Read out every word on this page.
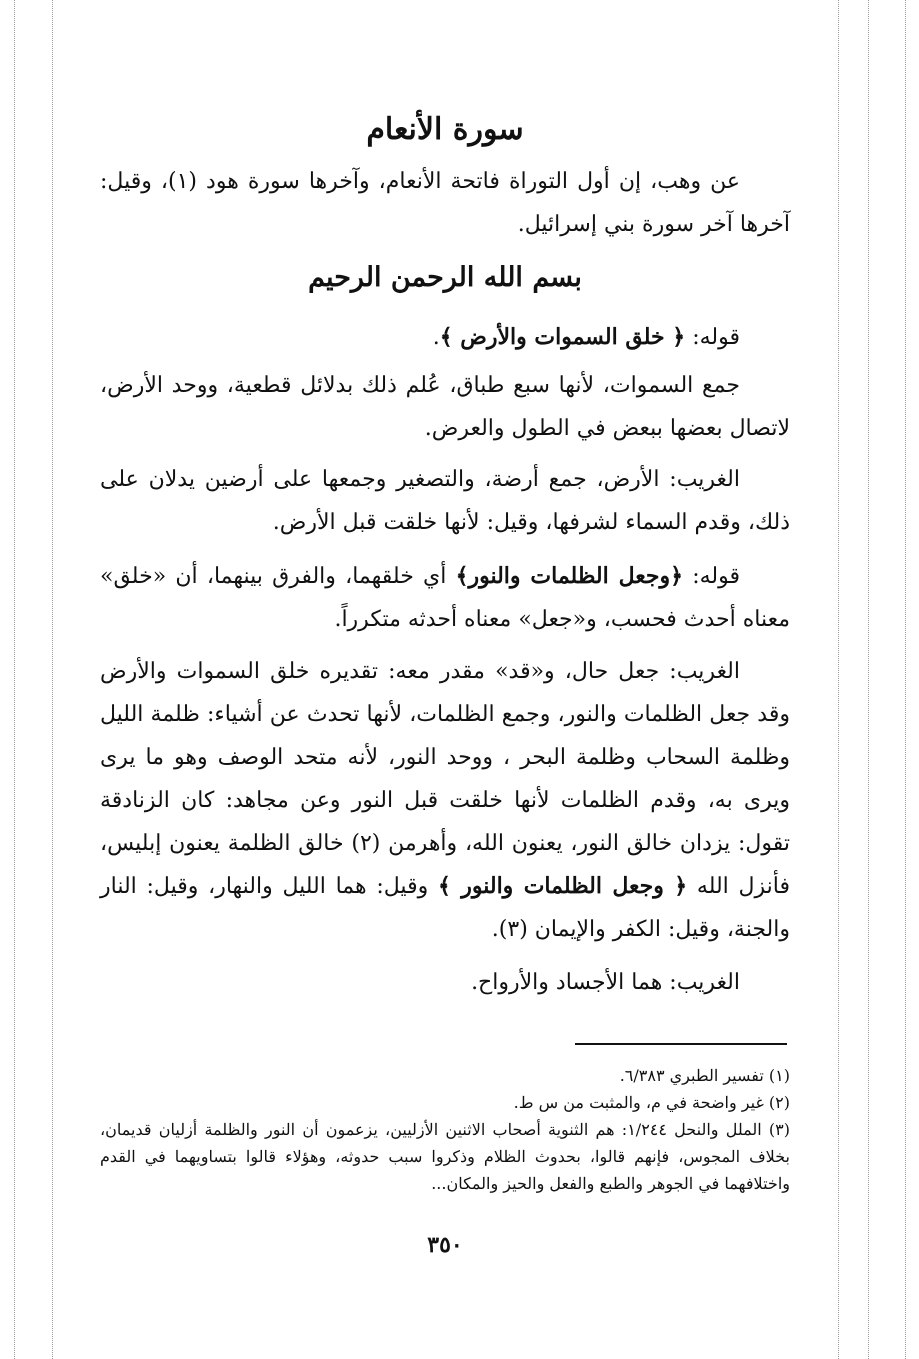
سورة الأنعام

عن وهب، إن أول التوراة فاتحة الأنعام، وآخرها سورة هود (١)، وقيل: آخرها آخر سورة بني إسرائيل.

بسم الله الرحمن الرحيم

قوله: ﴿ خلق السموات والأرض ﴾.

جمع السموات، لأنها سبع طباق، عُلم ذلك بدلائل قطعية، ووحد الأرض، لاتصال بعضها ببعض في الطول والعرض.

الغريب: الأرض، جمع أرضة، والتصغير وجمعها على أرضين يدلان على ذلك، وقدم السماء لشرفها، وقيل: لأنها خلقت قبل الأرض.

قوله: ﴿وجعل الظلمات والنور﴾ أي خلقهما، والفرق بينهما، أن «خلق» معناه أحدث فحسب، و«جعل» معناه أحدثه متكرراً.

الغريب: جعل حال، و«قد» مقدر معه: تقديره خلق السموات والأرض وقد جعل الظلمات والنور، وجمع الظلمات، لأنها تحدث عن أشياء: ظلمة الليل وظلمة السحاب وظلمة البحر ، ووحد النور، لأنه متحد الوصف وهو ما يرى ويرى به، وقدم الظلمات لأنها خلقت قبل النور وعن مجاهد: كان الزنادقة تقول: يزدان خالق النور، يعنون الله، وأهرمن (٢) خالق الظلمة يعنون إبليس، فأنزل الله ﴿ وجعل الظلمات والنور ﴾ وقيل: هما الليل والنهار، وقيل: النار والجنة، وقيل: الكفر والإيمان (٣).

الغريب: هما الأجساد والأرواح.

(١) تفسير الطبري ٦/٣٨٣.

(٢) غير واضحة في م، والمثبت من س ط.

(٣) الملل والنحل ١/٢٤٤: هم الثنوية أصحاب الاثنين الأزليين، يزعمون أن النور والظلمة أزليان قديمان، بخلاف المجوس، فإنهم قالوا، بحدوث الظلام وذكروا سبب حدوثه، وهؤلاء قالوا بتساويهما في القدم واختلافهما في الجوهر والطبع والفعل والحيز والمكان...

٣٥٠
